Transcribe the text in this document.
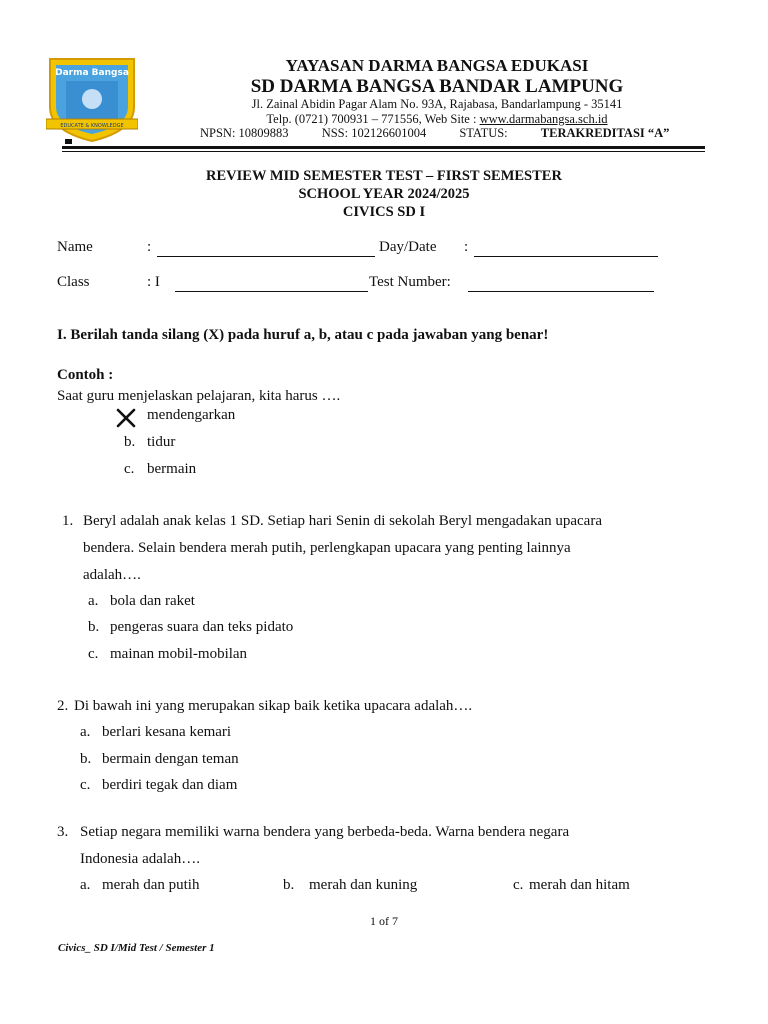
Darma Bangsa
EDUCATE & KNOWLEDGE
YAYASAN DARMA BANGSA EDUKASI
SD DARMA BANGSA BANDAR LAMPUNG
Jl. Zainal Abidin Pagar Alam No. 93A, Rajabasa, Bandarlampung - 35141
Telp. (0721) 700931 – 771556, Web Site : www.darmabangsa.sch.id
NPSN: 10809883	NSS: 102126601004	STATUS: TERAKREDITASI “A”
REVIEW MID SEMESTER TEST – FIRST SEMESTER
SCHOOL YEAR 2024/2025
CIVICS SD I
Name	:	Day/Date :
Class	: I	Test Number:
I. Berilah tanda silang (X) pada huruf a, b, atau c pada jawaban yang benar!
Contoh :
Saat guru menjelaskan pelajaran, kita harus ….
mendengarkan
b. tidur
c. bermain
1. Beryl adalah anak kelas 1 SD. Setiap hari Senin di sekolah Beryl mengadakan upacara
bendera. Selain bendera merah putih, perlengkapan upacara yang penting lainnya
adalah….
a. bola dan raket
b. pengeras suara dan teks pidato
c. mainan mobil-mobilan
2. Di bawah ini yang merupakan sikap baik ketika upacara adalah….
a. berlari kesana kemari
b. bermain dengan teman
c. berdiri tegak dan diam
3. Setiap negara memiliki warna bendera yang berbeda-beda. Warna bendera negara
Indonesia adalah….
a. merah dan putih	b. merah dan kuning	c. merah dan hitam
1 of 7
Civics_ SD I/Mid Test / Semester 1
